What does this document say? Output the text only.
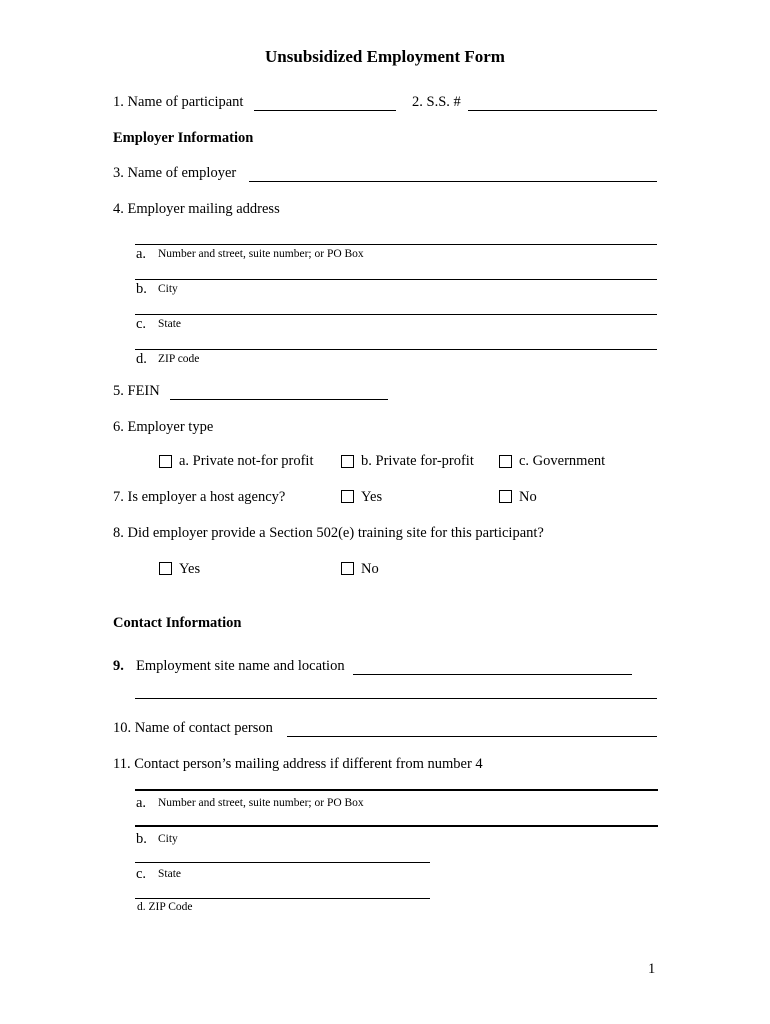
Unsubsidized Employment Form
1. Name of participant	2. S.S. #
Employer Information
3. Name of employer
4. Employer mailing address
a. Number and street, suite number; or PO Box
b. City
c. State
d. ZIP code
5. FEIN
6. Employer type
a. Private not-for profit	b. Private for-profit	c. Government
7. Is employer a host agency?	Yes	No
8. Did employer provide a Section 502(e) training site for this participant?
Yes	No
Contact Information
9. Employment site name and location
10. Name of contact person
11. Contact person’s mailing address if different from number 4
a. Number and street, suite number; or PO Box
b. City
c. State
d. ZIP Code
1
